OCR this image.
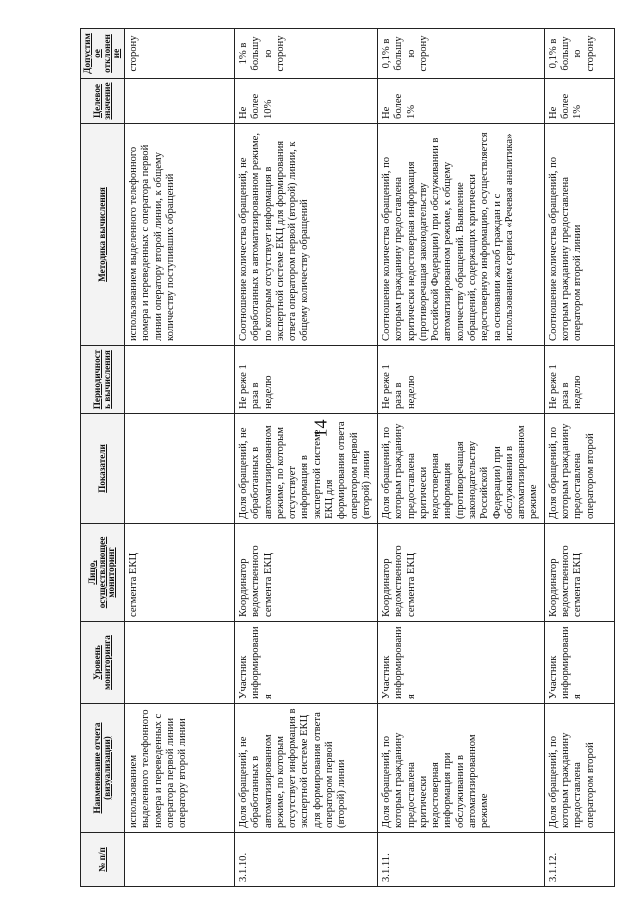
14
№ п/п	Наименование отчета (визуализации)	Уровень мониторинга	Лицо, осуществляющее мониторинг	Показатели	Периодичность вычисления	Методика вычисления	Целевое значение	Допустимое отклонение
	использованием выделенного телефонного номера и переведенных с оператора первой линии оператору второй линии		сегмента ЕКЦ			использованием выделенного телефонного номера и переведенных с оператора первой линии оператору второй линии, к общему количеству поступивших обращений		сторону
3.1.10.	Доля обращений, не обработанных в автоматизированном режиме, по которым отсутствует информация в экспертной системе ЕКЦ для формирования ответа оператором первой (второй) линии	Участник информирования	Координатор ведомственного сегмента ЕКЦ	Доля обращений, не обработанных в автоматизированном режиме, по которым отсутствует информация в экспертной системе ЕКЦ для формирования ответа оператором первой (второй) линии	Не реже 1 раза в неделю	Соотношение количества обращений, не обработанных в автоматизированном режиме, по которым отсутствует информация в экспертной системе ЕКЦ для формирования ответа оператором первой (второй) линии, к общему количеству обращений	Не более 10%	1% в большую сторону
3.1.11.	Доля обращений, по которым гражданину предоставлена критически недостоверная информация при обслуживании в автоматизированном режиме	Участник информирования	Координатор ведомственного сегмента ЕКЦ	Доля обращений, по которым гражданину предоставлена критически недостоверная информация (противоречащая законодательству Российской Федерации) при обслуживании в автоматизированном режиме	Не реже 1 раза в неделю	Соотношение количества обращений, по которым гражданину предоставлена критически недостоверная информация (противоречащая законодательству Российской Федерации) при обслуживании в автоматизированном режиме, к общему количеству обращений. Выявление обращений, содержащих критически недостоверную информацию, осуществляется на основании жалоб граждан и с использованием сервиса «Речевая аналитика»	Не более 1%	0,1% в большую сторону
3.1.12.	Доля обращений, по которым гражданину предоставлена оператором второй	Участник информирования	Координатор ведомственного сегмента ЕКЦ	Доля обращений, по которым гражданину предоставлена оператором второй	Не реже 1 раза в неделю	Соотношение количества обращений, по которым гражданину предоставлена оператором второй линии	Не более 1%	0,1% в большую сторону
